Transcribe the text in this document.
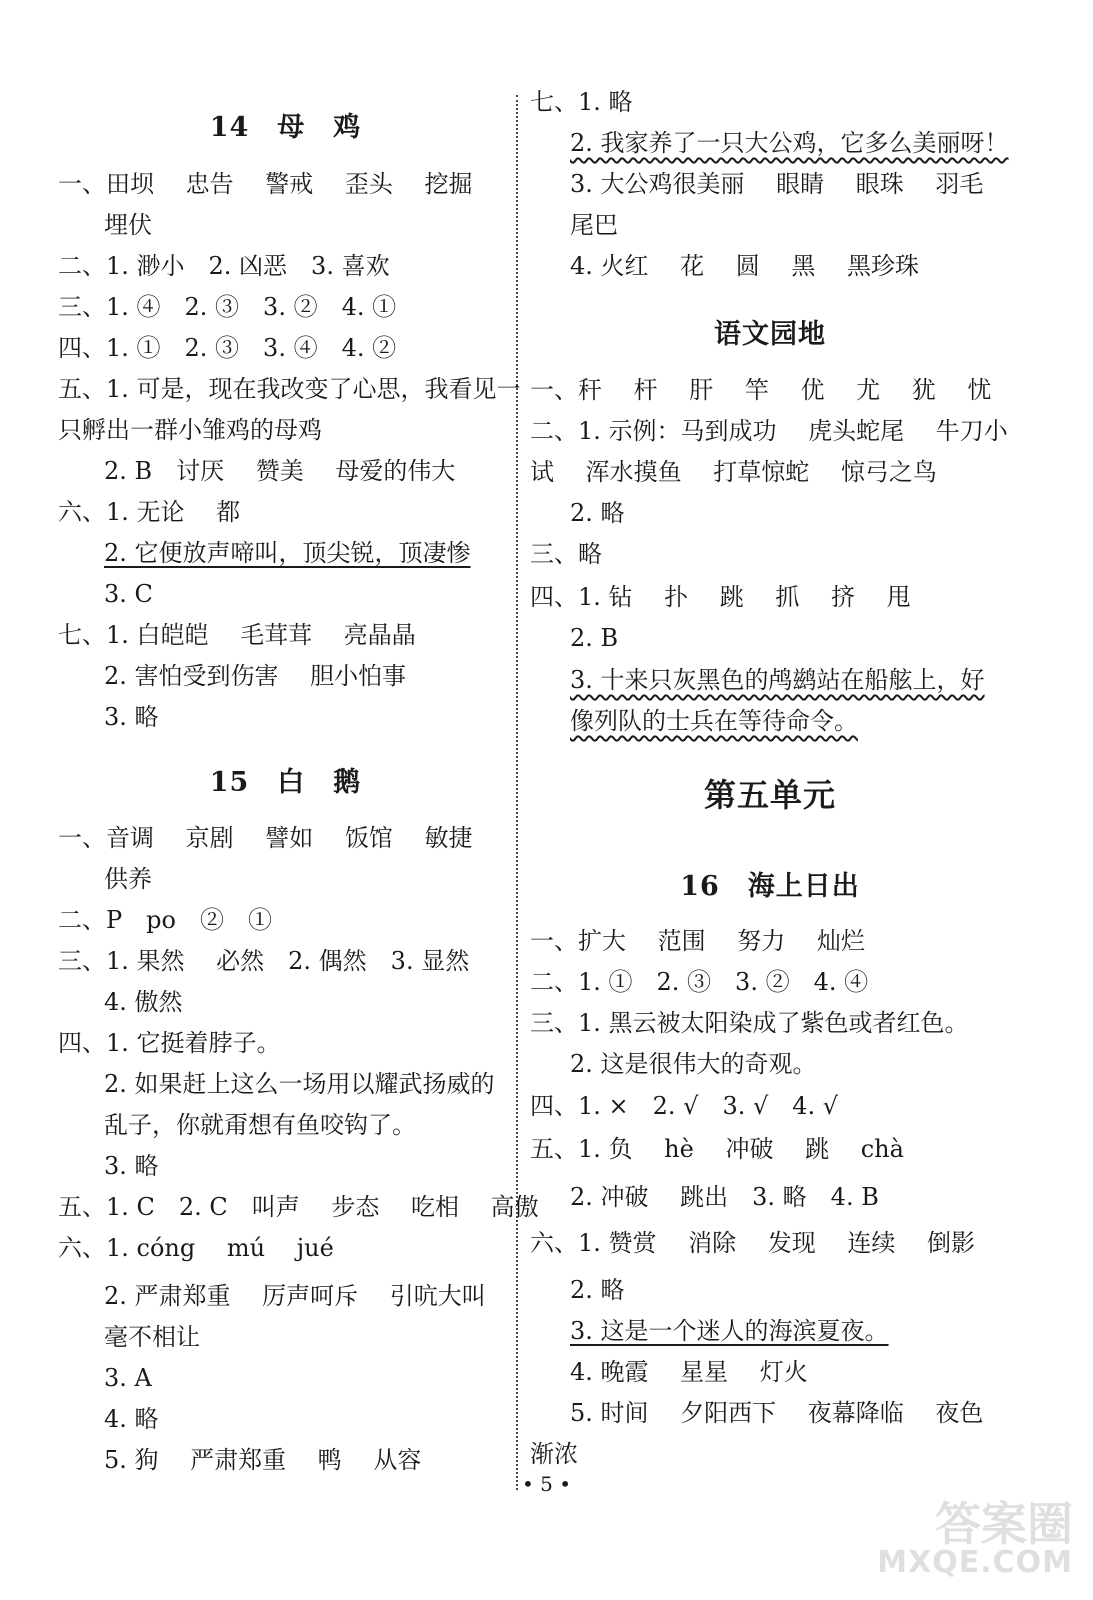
14　母　鸡
一、田坝　 忠告　 警戒　 歪头　 挖掘
埋伏
二、1. 渺小　2. 凶恶　3. 喜欢
三、1. ④　2. ③　3. ②　4. ①
四、1. ①　2. ③　3. ④　4. ②
五、1. 可是，现在我改变了心思，我看见一
只孵出一群小雏鸡的母鸡
2. B　讨厌　 赞美　 母爱的伟大
六、1. 无论　 都
2. 它便放声啼叫，顶尖锐，顶凄惨
3. C
七、1. 白皑皑　 毛茸茸　 亮晶晶
2. 害怕受到伤害　 胆小怕事
3. 略
15　白　鹅
一、音调　 京剧　 譬如　 饭馆　 敏捷
供养
二、P　po　②　①
三、1. 果然　 必然　2. 偶然　3. 显然
4. 傲然
四、1. 它挺着脖子。
2. 如果赶上这么一场用以耀武扬威的
乱子，你就甭想有鱼咬钩了。
3. 略
五、1. C　2. C　叫声　 步态　 吃相　 高傲
六、1. cóng　 mú　 jué
2. 严肃郑重　 厉声呵斥　 引吭大叫
毫不相让
3. A
4. 略
5. 狗　 严肃郑重　 鸭　 从容
七、1. 略
2. 我家养了一只大公鸡，它多么美丽呀！
3. 大公鸡很美丽　 眼睛　 眼珠　 羽毛
尾巴
4. 火红　 花　 圆　 黑　 黑珍珠
语文园地
一、秆　 杆　 肝　 竿　 优　 尤　 犹　 忧
二、1. 示例：马到成功　 虎头蛇尾　 牛刀小
试　 浑水摸鱼　 打草惊蛇　 惊弓之鸟
2. 略
三、略
四、1. 钻　 扑　 跳　 抓　 挤　 甩
2. B
3. 十来只灰黑色的鸬鹚站在船舷上，好
像列队的士兵在等待命令。
第五单元
16　海上日出
一、扩大　 范围　 努力　 灿烂
二、1. ①　2. ③　3. ②　4. ④
三、1. 黑云被太阳染成了紫色或者红色。
2. 这是很伟大的奇观。
四、1. ×　2. √　3. √　4. √
五、1. 负　 hè　 冲破　 跳　 chà
2. 冲破　 跳出　3. 略　4. B
六、1. 赞赏　 消除　 发现　 连续　 倒影
2. 略
3. 这是一个迷人的海滨夏夜。
4. 晚霞　 星星　 灯火
5. 时间　 夕阳西下　 夜幕降临　 夜色
渐浓
• 5 •
答案圈
MXQE.COM
